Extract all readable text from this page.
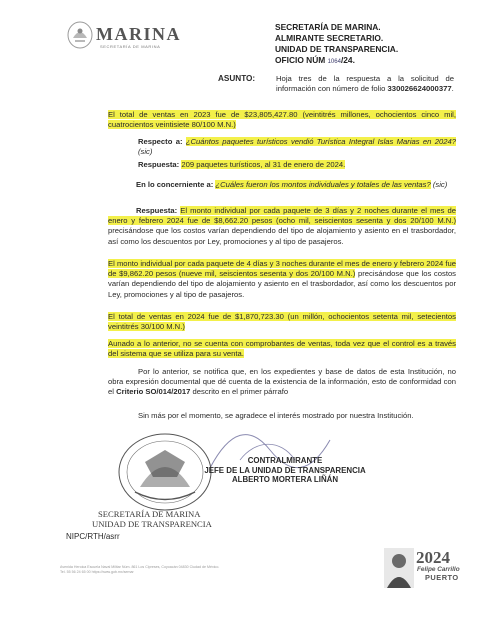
MARINA
SECRETARÍA DE MARINA
SECRETARÍA DE MARINA.
ALMIRANTE SECRETARIO.
UNIDAD DE TRANSPARENCIA.
OFICIO NÚM 1064/24.
ASUNTO:	Hoja tres de la respuesta a la solicitud de información con número de folio 330026624000377.
El total de ventas en 2023 fue de $23,805,427.80 (veintitrés millones, ochocientos cinco mil, cuatrocientos veintisiete 80/100 M.N.)
Respecto a: ¿Cuántos paquetes turísticos vendió Turística Integral Islas Marias en 2024? (sic)
Respuesta: 209 paquetes turísticos, al 31 de enero de 2024.
En lo concerniente a: ¿Cuáles fueron los montos individuales y totales de las ventas? (sic)
Respuesta: El monto individual por cada paquete de 3 días y 2 noches durante el mes de enero y febrero 2024 fue de $8,662.20 pesos (ocho mil, seiscientos sesenta y dos 20/100 M.N.) precisándose que los costos varían dependiendo del tipo de alojamiento y asiento en el trasbordador, así como los descuentos por Ley, promociones y al tipo de pasajeros.
El monto individual por cada paquete de 4 días y 3 noches durante el mes de enero y febrero 2024 fue de $9,862.20 pesos (nueve mil, seiscientos sesenta y dos 20/100 M.N.) precisándose que los costos varían dependiendo del tipo de alojamiento y asiento en el trasbordador, así como los descuentos por Ley, promociones y al tipo de pasajeros.
El total de ventas en 2024 fue de $1,870,723.30 (un millón, ochocientos setenta mil, setecientos veintitrés 30/100 M.N.)
Aunado a lo anterior, no se cuenta con comprobantes de ventas, toda vez que el control es a través del sistema que se utiliza para su venta.
Por lo anterior, se notifica que, en los expedientes y base de datos de esta Institución, no obra expresión documental que dé cuenta de la existencia de la información, esto de conformidad con el Criterio SO/014/2017 descrito en el primer párrafo
Sin más por el momento, se agradece el interés mostrado por nuestra Institución.
SECRETARÍA DE MARINA
UNIDAD DE TRANSPARENCIA
CONTRALMIRANTE
JEFE DE LA UNIDAD DE TRANSPARENCIA
ALBERTO MORTERA LIÑÁN
NIPC/RTH/asrr
Avenida Heroica Escuela Naval Militar Núm. 861 Los Cipreses, Coyoacán 04830 Ciudad de México.
Tel. 55 56 24 65 00 https://www.gob.mx/semar
2024
Felipe Carrillo
PUERTO
